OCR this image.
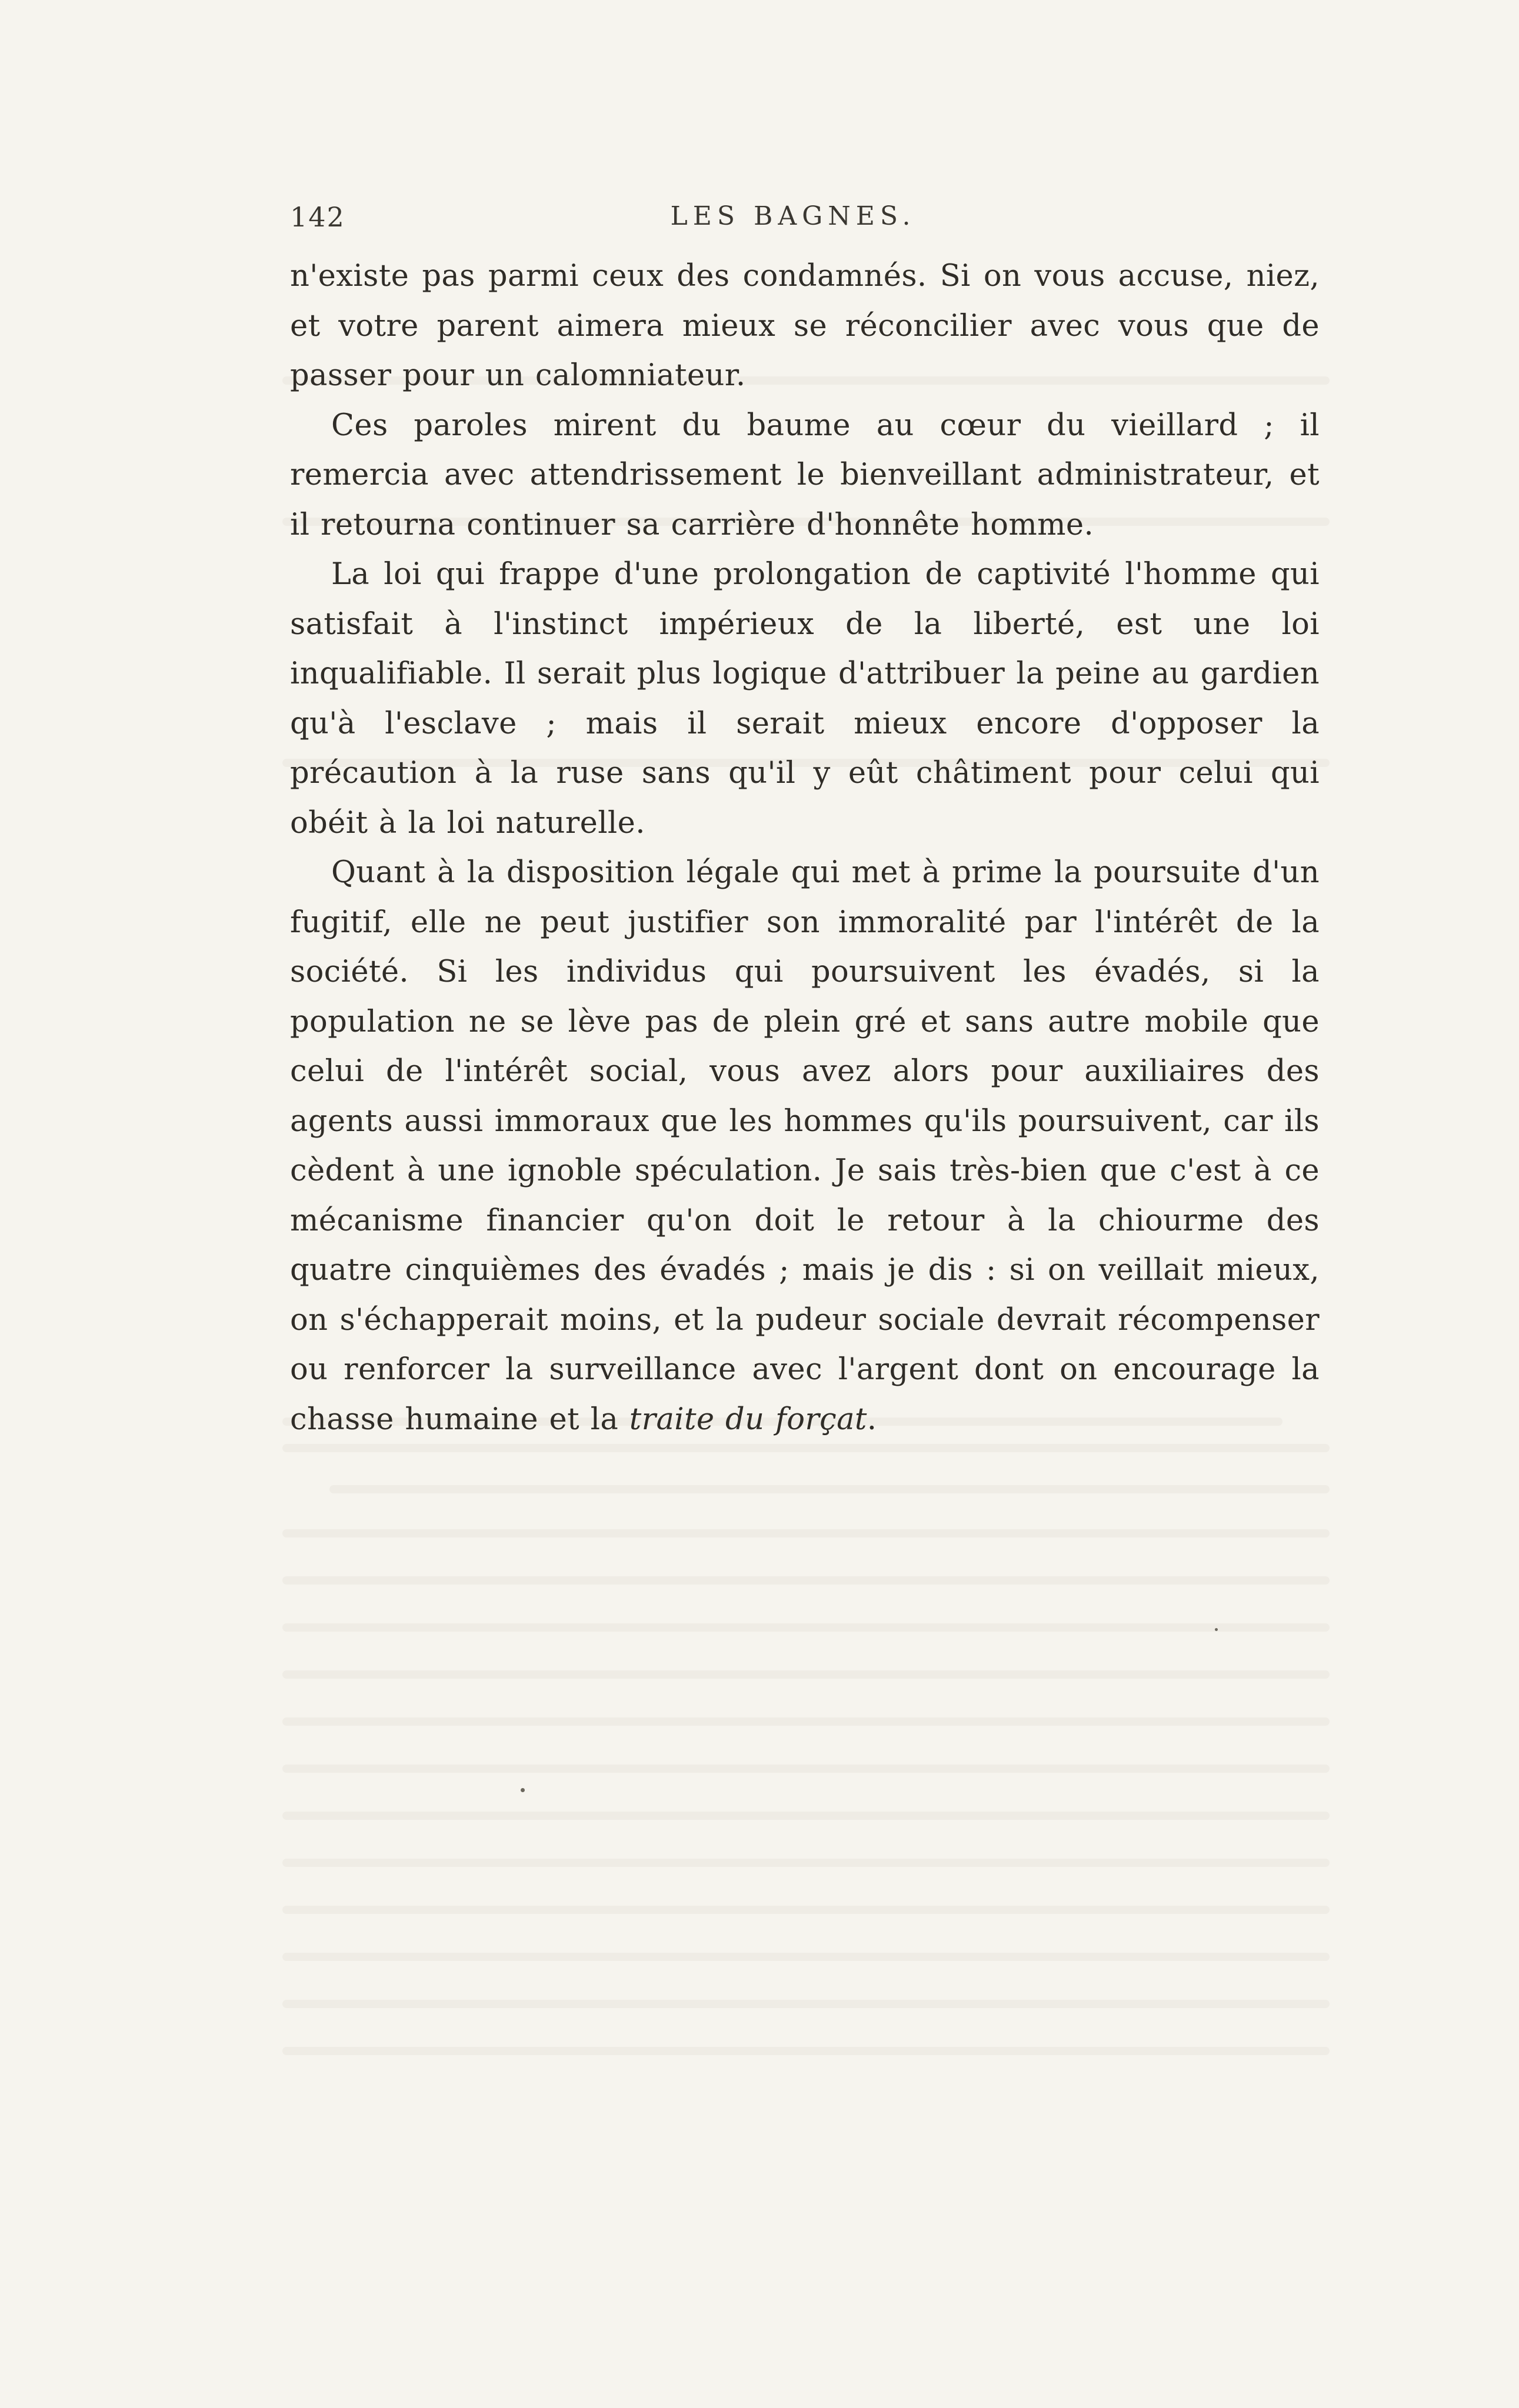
142	LES BAGNES.

n'existe pas parmi ceux des condamnés. Si on vous accuse, niez, et votre parent aimera mieux se réconcilier avec vous que de passer pour un calomniateur.

Ces paroles mirent du baume au cœur du vieillard ; il remercia avec attendrissement le bienveillant administrateur, et il retourna continuer sa carrière d'honnête homme.

La loi qui frappe d'une prolongation de captivité l'homme qui satisfait à l'instinct impérieux de la liberté, est une loi inqualifiable. Il serait plus logique d'attribuer la peine au gardien qu'à l'esclave ; mais il serait mieux encore d'opposer la précaution à la ruse sans qu'il y eût châtiment pour celui qui obéit à la loi naturelle.

Quant à la disposition légale qui met à prime la poursuite d'un fugitif, elle ne peut justifier son immoralité par l'intérêt de la société. Si les individus qui poursuivent les évadés, si la population ne se lève pas de plein gré et sans autre mobile que celui de l'intérêt social, vous avez alors pour auxiliaires des agents aussi immoraux que les hommes qu'ils poursuivent, car ils cèdent à une ignoble spéculation. Je sais très-bien que c'est à ce mécanisme financier qu'on doit le retour à la chiourme des quatre cinquièmes des évadés ; mais je dis : si on veillait mieux, on s'échapperait moins, et la pudeur sociale devrait récompenser ou renforcer la surveillance avec l'argent dont on encourage la chasse humaine et la traite du forçat.
